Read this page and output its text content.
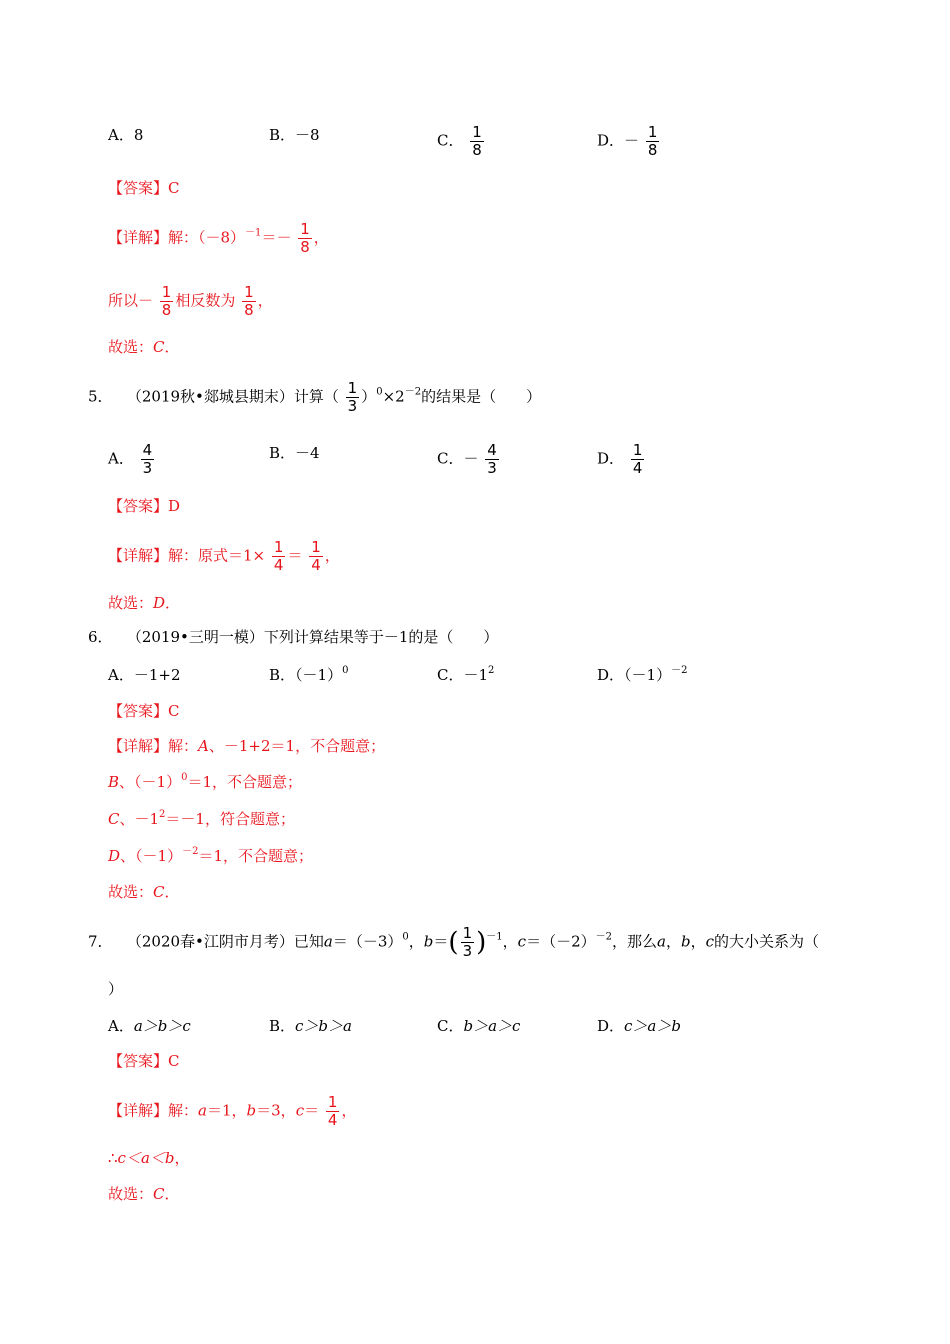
A．8	B．－8	C． $\frac{1}{8}$	D．－ $\frac{1}{8}$
【答案】C
【详解】解：$(-8)^{-1}=- \frac{1}{8}$ ，
所以－ $\frac{1}{8}$ 相反数为 $\frac{1}{8}$ ，
故选：C．
5． （2019秋•郯城县期末）计算（ $\frac{1}{3} )^0\times 2^{-2}$的结果是（　　）
A． $\frac{4}{3}$	B．－4	C．－ $\frac{4}{3}$	D． $\frac{1}{4}$
【答案】D
【详解】解：原式$=1\times \frac{1}{4} = \frac{1}{4}$ ，
故选：D．
6． （2019•三明一模）下列计算结果等于－1的是（　　）
A．－1+2	B．$(-1)^0$	C．$-1^2$	D．$(-1)^{-2}$
【答案】C
【详解】解：A、－1+2＝1，不合题意；
B、$(-1)^0=1$，不合题意；
C、$-1^2=-1$，符合题意；
D、$(-1)^{-2}=1$，不合题意；
故选：C．
7． （2020春•江阴市月考）已知$a=(-3)^0$，$b=( \frac{1}{3} )^{-1}$，$c=(-2)^{-2}$，那么a，b，c的大小关系为（
）
A．a＞b＞c	B．c＞b＞a	C．b＞a＞c	D．c＞a＞b
【答案】C
【详解】解：a＝1，b＝3，$c= \frac{1}{4}$ ，
∴c＜a＜b，
故选：C．
